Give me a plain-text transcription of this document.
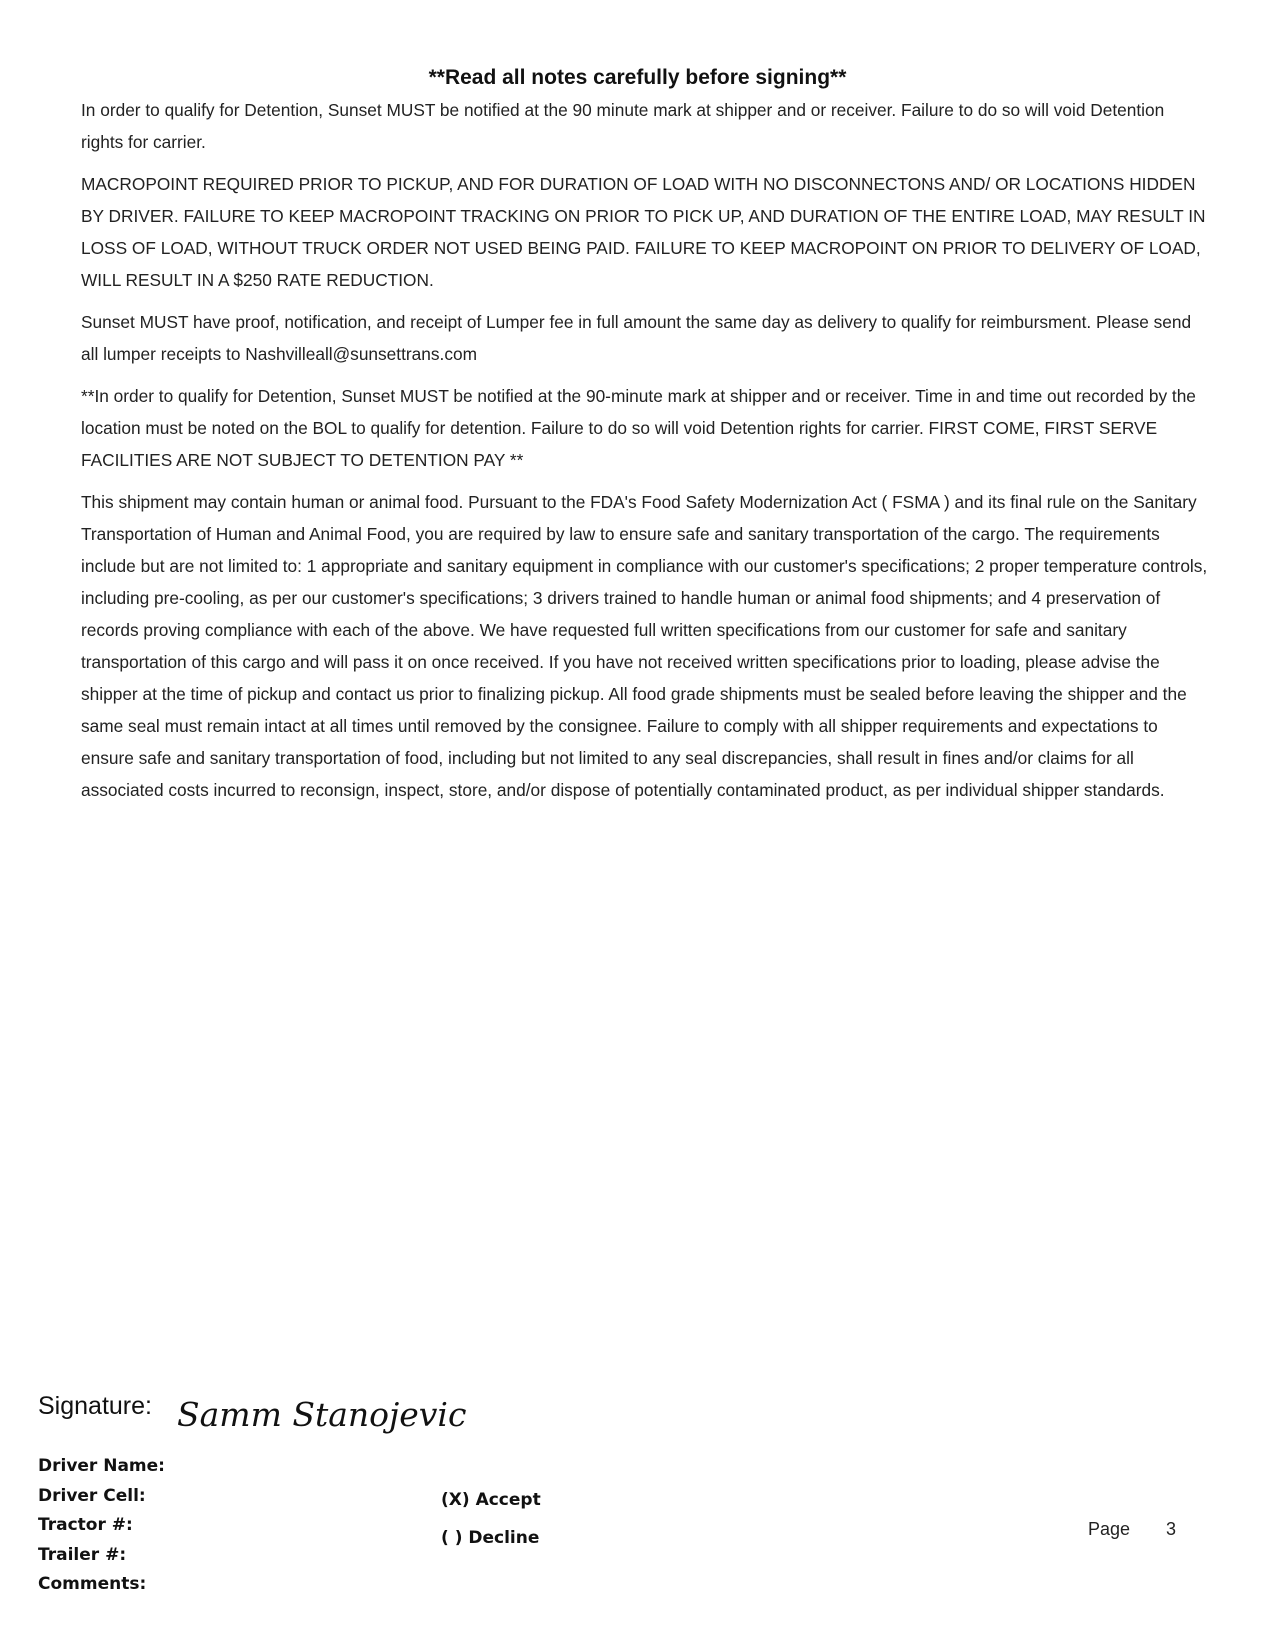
**Read all notes carefully before signing**

In order to qualify for Detention, Sunset MUST be notified at the 90 minute mark at shipper and or receiver. Failure to do so will void Detention rights for carrier.

MACROPOINT REQUIRED PRIOR TO PICKUP, AND FOR DURATION OF LOAD WITH NO DISCONNECTONS AND/ OR LOCATIONS HIDDEN BY DRIVER. FAILURE TO KEEP MACROPOINT TRACKING ON PRIOR TO PICK UP, AND DURATION OF THE ENTIRE LOAD, MAY RESULT IN LOSS OF LOAD, WITHOUT TRUCK ORDER NOT USED BEING PAID. FAILURE TO KEEP MACROPOINT ON PRIOR TO DELIVERY OF LOAD, WILL RESULT IN A $250 RATE REDUCTION.

Sunset MUST have proof, notification, and receipt of Lumper fee in full amount the same day as delivery to qualify for reimbursment. Please send all lumper receipts to Nashvilleall@sunsettrans.com

**In order to qualify for Detention, Sunset MUST be notified at the 90-minute mark at shipper and or receiver. Time in and time out recorded by the location must be noted on the BOL to qualify for detention. Failure to do so will void Detention rights for carrier. FIRST COME, FIRST SERVE FACILITIES ARE NOT SUBJECT TO DETENTION PAY **

This shipment may contain human or animal food. Pursuant to the FDA's Food Safety Modernization Act ( FSMA ) and its final rule on the Sanitary Transportation of Human and Animal Food, you are required by law to ensure safe and sanitary transportation of the cargo. The requirements include but are not limited to: 1 appropriate and sanitary equipment in compliance with our customer's specifications; 2 proper temperature controls, including pre-cooling, as per our customer's specifications; 3 drivers trained to handle human or animal food shipments; and 4 preservation of records proving compliance with each of the above. We have requested full written specifications from our customer for safe and sanitary transportation of this cargo and will pass it on once received. If you have not received written specifications prior to loading, please advise the shipper at the time of pickup and contact us prior to finalizing pickup. All food grade shipments must be sealed before leaving the shipper and the same seal must remain intact at all times until removed by the consignee. Failure to comply with all shipper requirements and expectations to ensure safe and sanitary transportation of food, including but not limited to any seal discrepancies, shall result in fines and/or claims for all associated costs incurred to reconsign, inspect, store, and/or dispose of potentially contaminated product, as per individual shipper standards.

Signature: Samm Stanojevic
Driver Name:
Driver Cell:
Tractor #:
Trailer #:
Comments:
(X) Accept
( ) Decline	Page 3
